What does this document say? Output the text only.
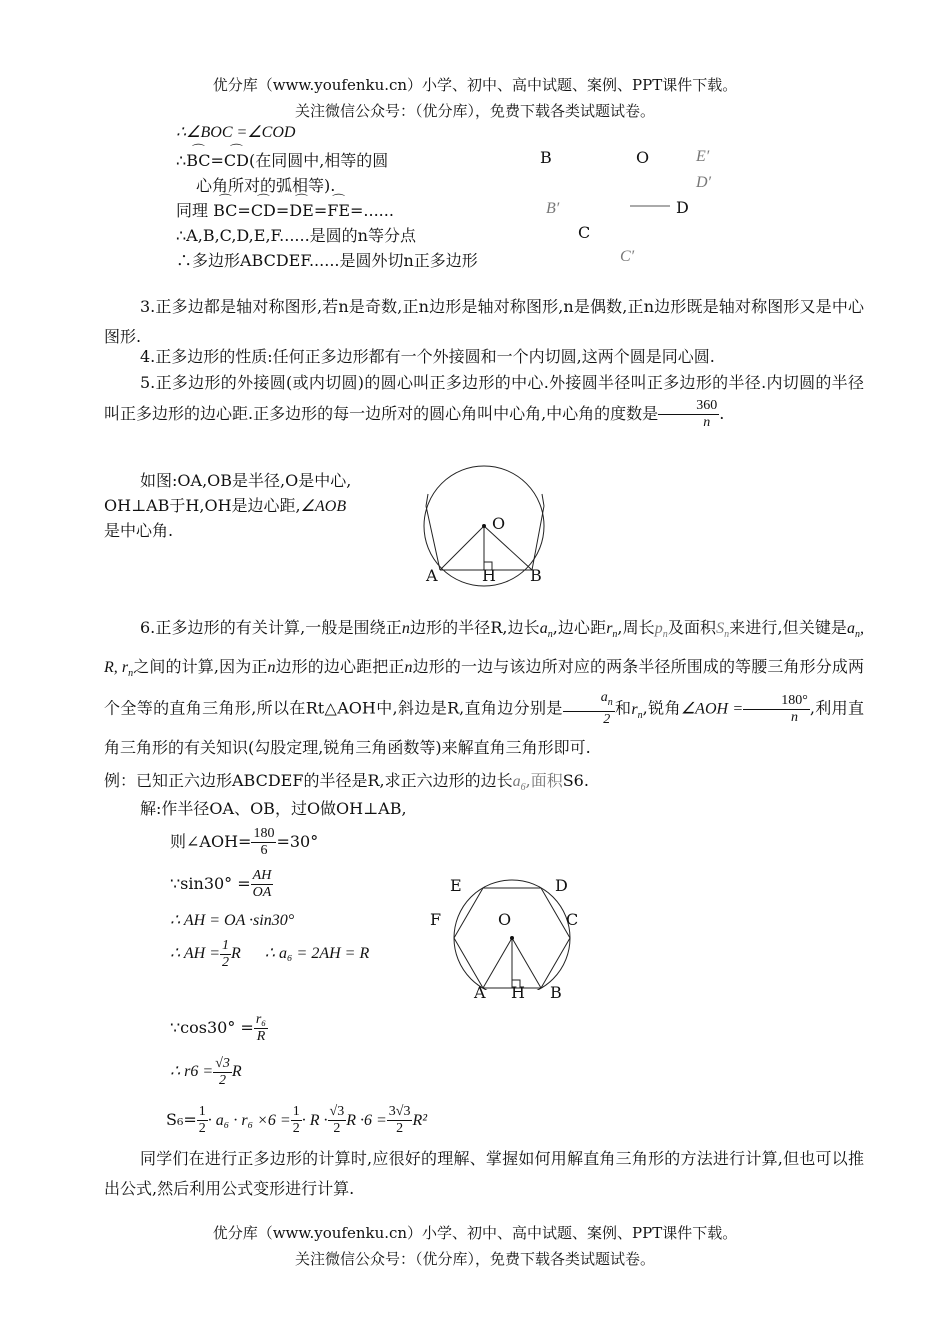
优分库（www.youfenku.cn）小学、初中、高中试题、案例、PPT课件下载。
关注微信公众号：（优分库），免费下载各类试题试卷。
∴∠BOC =∠COD
∴⌒ BC=⌒ CD(在同圆中,相等的圆
心角所对的弧相等).
同理 ⌒ BC=⌒ CD=⌒ DE=⌒ FE=......
∴A,B,C,D,E,F......是圆的n等分点
∴多边形ABCDEF......是圆外切n正多边形
B	O	E′
D′
B′	D
C
C′
3.正多边都是轴对称图形,若n是奇数,正n边形是轴对称图形,n是偶数,正n边形既是轴对称图形又是中心图形.
4.正多边形的性质:任何正多边形都有一个外接圆和一个内切圆,这两个圆是同心圆.
5.正多边形的外接圆(或内切圆)的圆心叫正多边形的中心.外接圆半径叫正多边形的半径.内切圆的半径叫正多边形的边心距.正多边形的每一边所对的圆心角叫中心角,中心角的度数是 $\frac{360}{n}$ .
如图:OA,OB是半径,O是中心,
OH⊥AB于H,OH是边心距,∠AOB
是中心角.	O
A	H B
6.正多边形的有关计算,一般是围绕正n边形的半径R,边长$a_n$,边心距$r_n$,周长$p_n$及面积$S_n$来进行,但关键是$a_n$, R, $r_n$之间的计算,因为正n边形的边心距把正n边形的一边与该边所对应的两条半径所围成的等腰三角形分成两个全等的直角三角形,所以在Rt△AOH中,斜边是R,直角边分别是 $\frac{a_n}{2}$ 和$r_n$,锐角∠AOH = $\frac{180^\circ}{n}$ ,利用直角三角形的有关知识(勾股定理,锐角三角函数等)来解直角三角形即可.
例：已知正六边形ABCDEF的半径是R,求正六边形的边长$a_6$,面积S6.
解:作半径OA、OB，过O做OH⊥AB,
则∠AOH= $\frac{180}{6} =30^\circ$
∵sin30° = $\frac{AH}{OA}$
∴ AH = OA ·sin30°
∴ AH = $\frac{1}{2}$ R ∴ a₆ = 2AH = R
∵cos30° = $\frac{\text{r₆}}{R}$
∴ $r6 = \frac{√3}{2}$ R
$S_6= \frac{1}{2} \cdot a_6 \cdot r_6 \times 6 = \frac{1}{2} \cdot R \cdot \frac{√3}{2}$ $R \cdot 6 = \frac{3√3}{2} R^2$
E	D
F	O	C
A H B
同学们在进行正多边形的计算时,应很好的理解、掌握如何用解直角三角形的方法进行计算,但也可以推出公式,然后利用公式变形进行计算.
优分库（www.youfenku.cn）小学、初中、高中试题、案例、PPT课件下载。
关注微信公众号：（优分库），免费下载各类试题试卷。
